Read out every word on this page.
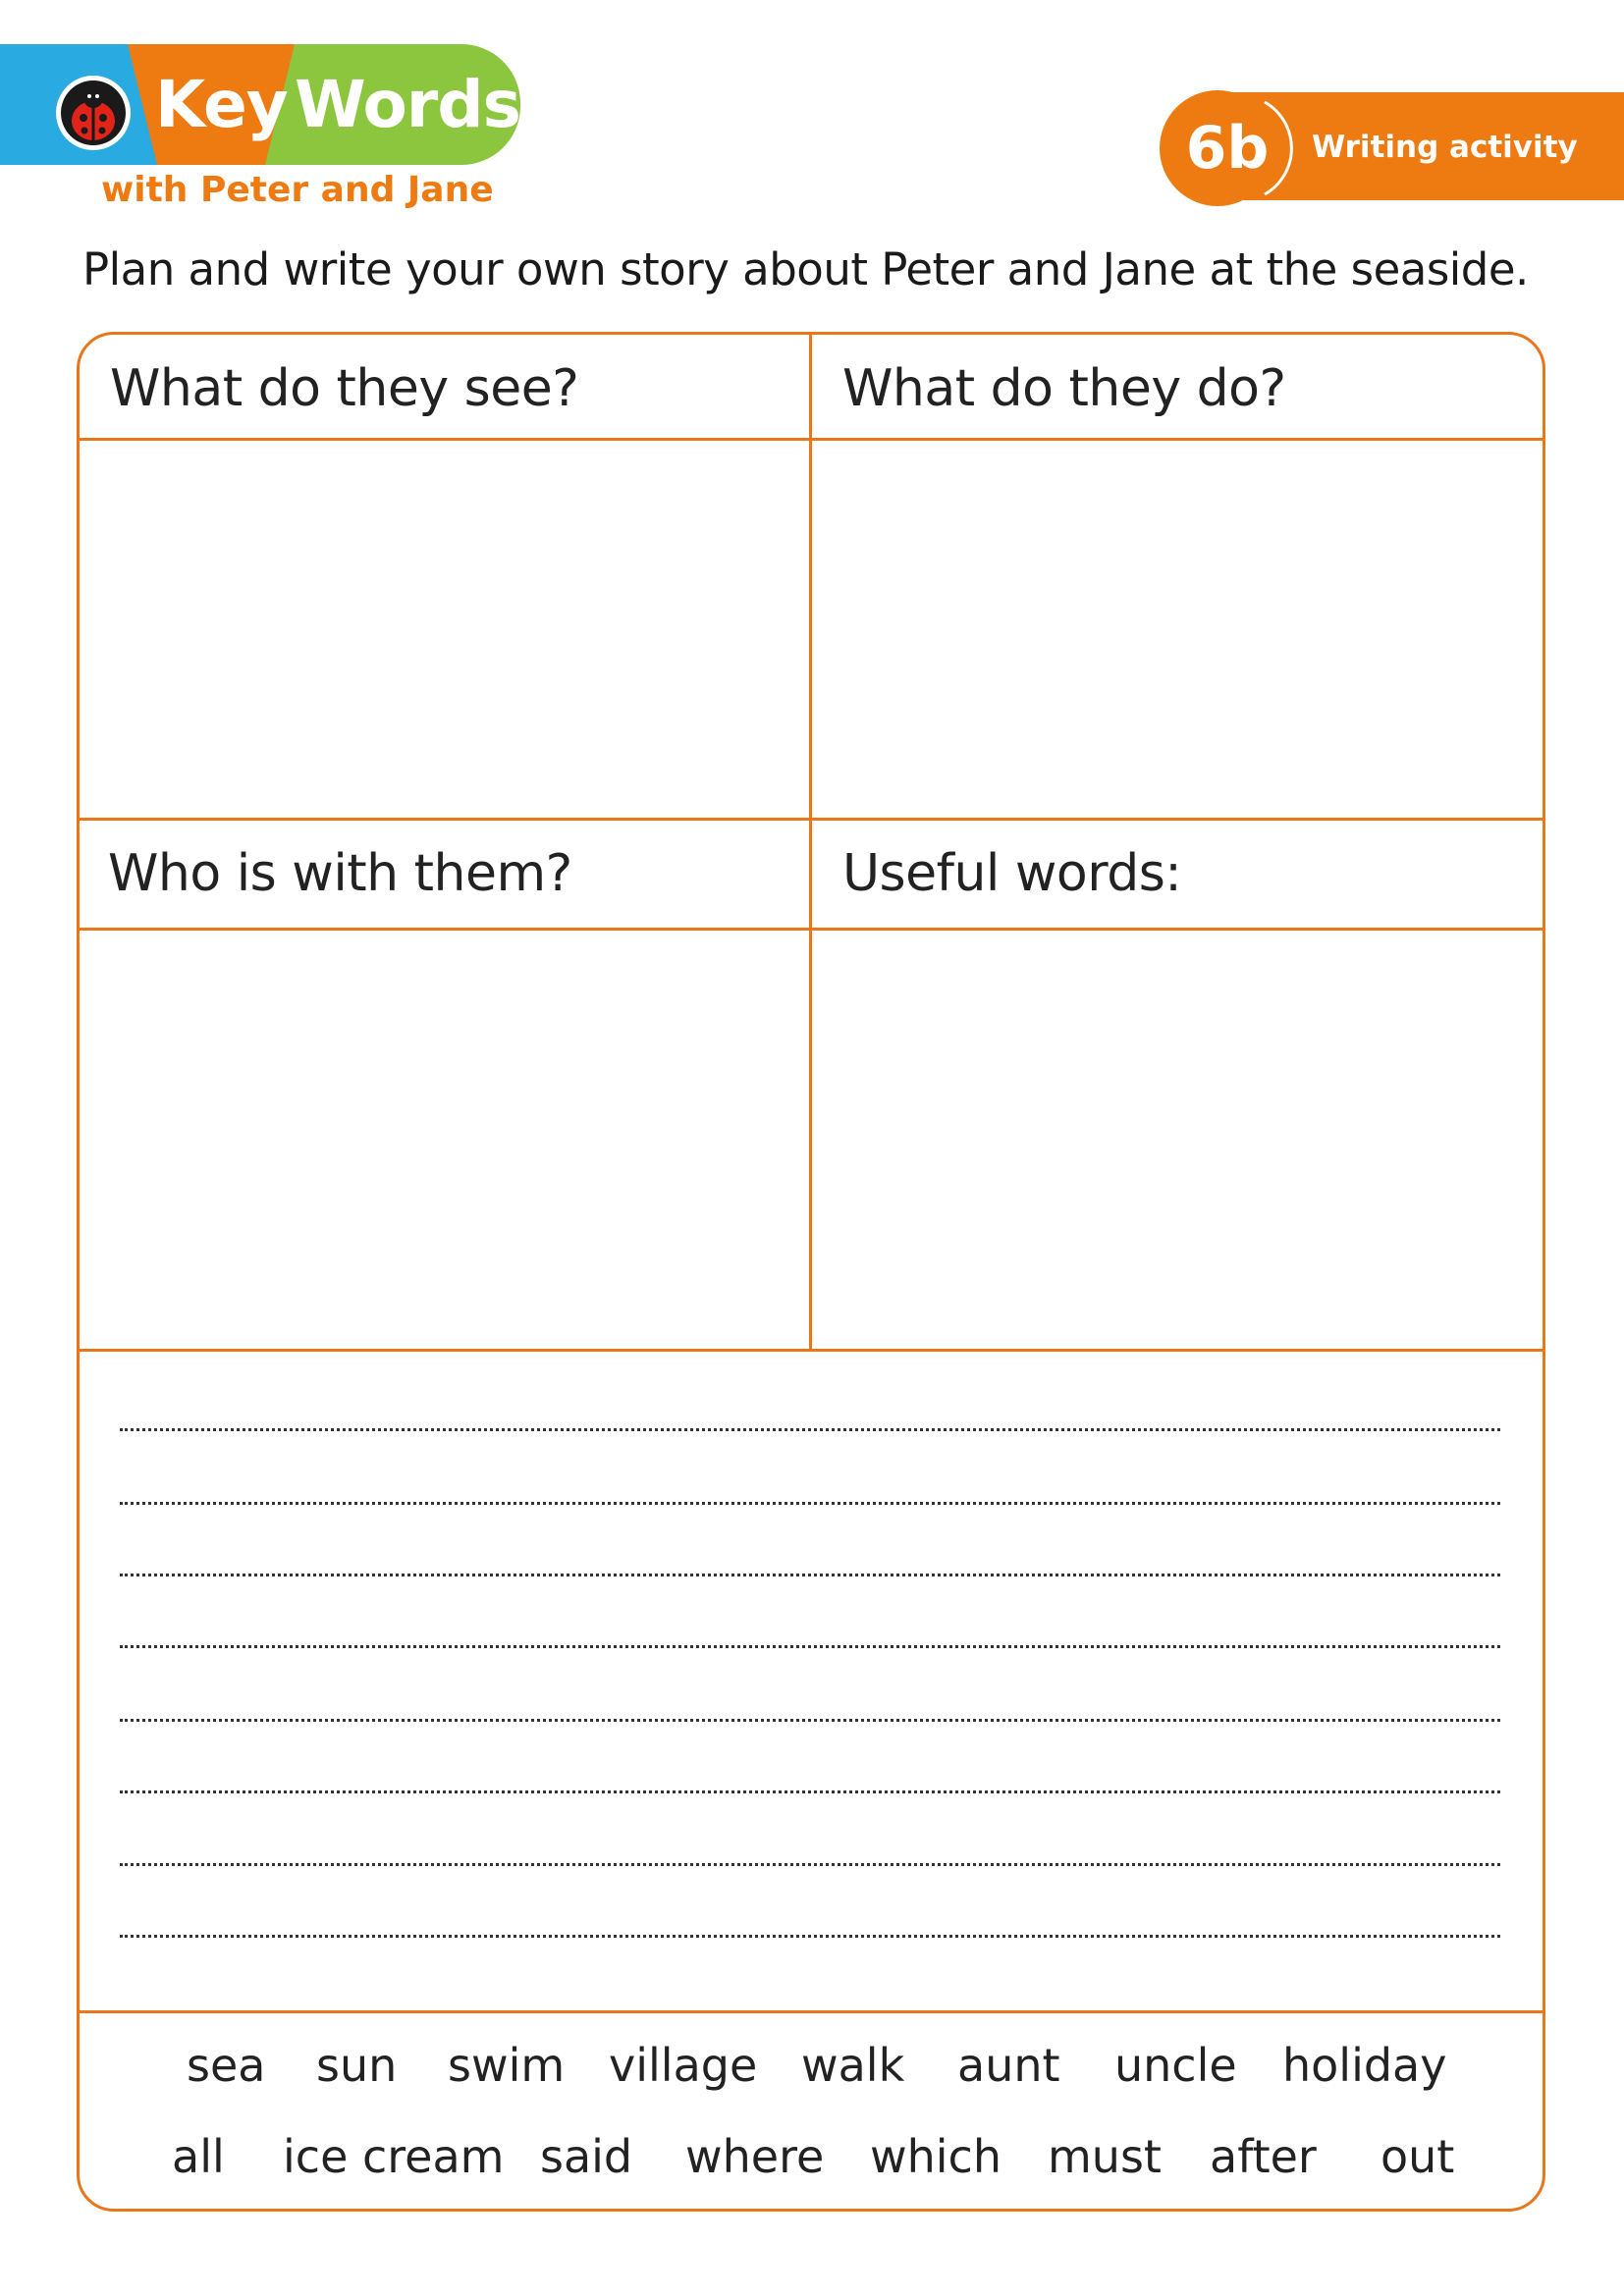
Key Words
with Peter and Jane
6b Writing activity
Plan and write your own story about Peter and Jane at the seaside.
What do they see?	What do they do?
Who is with them?	Useful words:
sea sun swim village walk aunt uncle holiday
all ice cream said where which must after out
